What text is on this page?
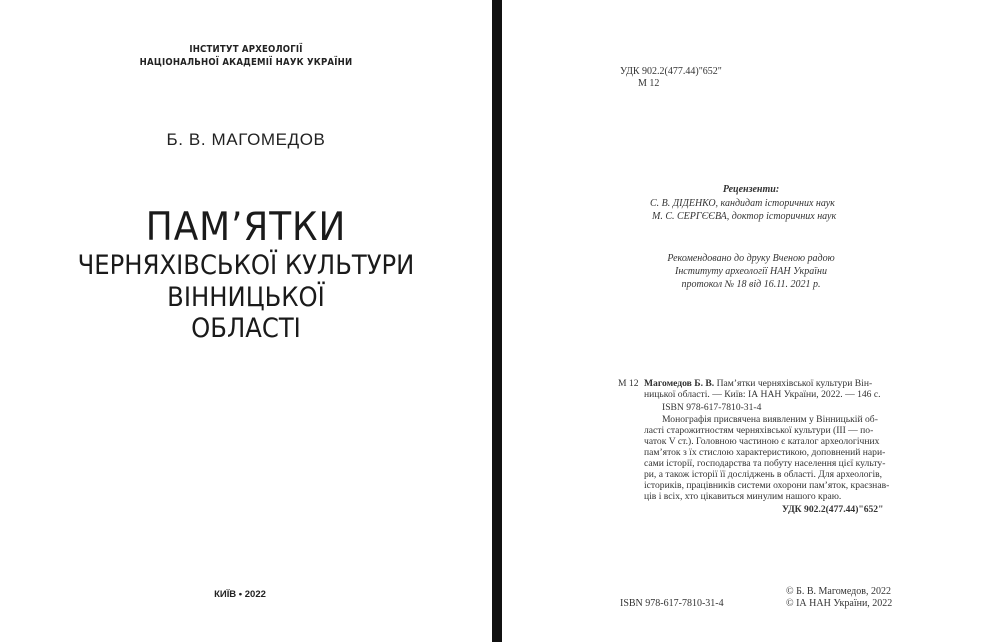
ІНСТИТУТ АРХЕОЛОГІЇ
НАЦІОНАЛЬНОЇ АКАДЕМІЇ НАУК УКРАЇНИ
Б. В. МАГОМЕДОВ
ПАМ’ЯТКИ
ЧЕРНЯХІВСЬКОЇ КУЛЬТУРИ
ВІННИЦЬКОЇ
ОБЛАСТІ
КИЇВ • 2022
УДК 902.2(477.44)"652"
М 12
Рецензенти:
С. В. ДІДЕНКО, кандидат історичних наук
М. С. СЕРГЄЄВА, доктор історичних наук
Рекомендовано до друку Вченою радою
Інституту археології НАН України
протокол № 18 від 16.11. 2021 р.
М 12 Магомедов Б. В. Пам’ятки черняхівської культури Він-
ницької області. — Київ: ІА НАН України, 2022. — 146 с.
ISBN 978-617-7810-31-4
Монографія присвячена виявленим у Вінницькій об-
ласті старожитностям черняхівської культури (ІІІ — по-
чаток V ст.). Головною частиною є каталог археологічних
пам’яток з їх стислою характеристикою, доповнений нари-
сами історії, господарства та побуту населення цієї культу-
ри, а також історії її досліджень в області. Для археологів,
істориків, працівників системи охорони пам’яток, краєзнав-
ців і всіх, хто цікавиться минулим нашого краю.
УДК 902.2(477.44)"652"
ISBN 978-617-7810-31-4
© Б. В. Магомедов, 2022
© ІА НАН України, 2022
